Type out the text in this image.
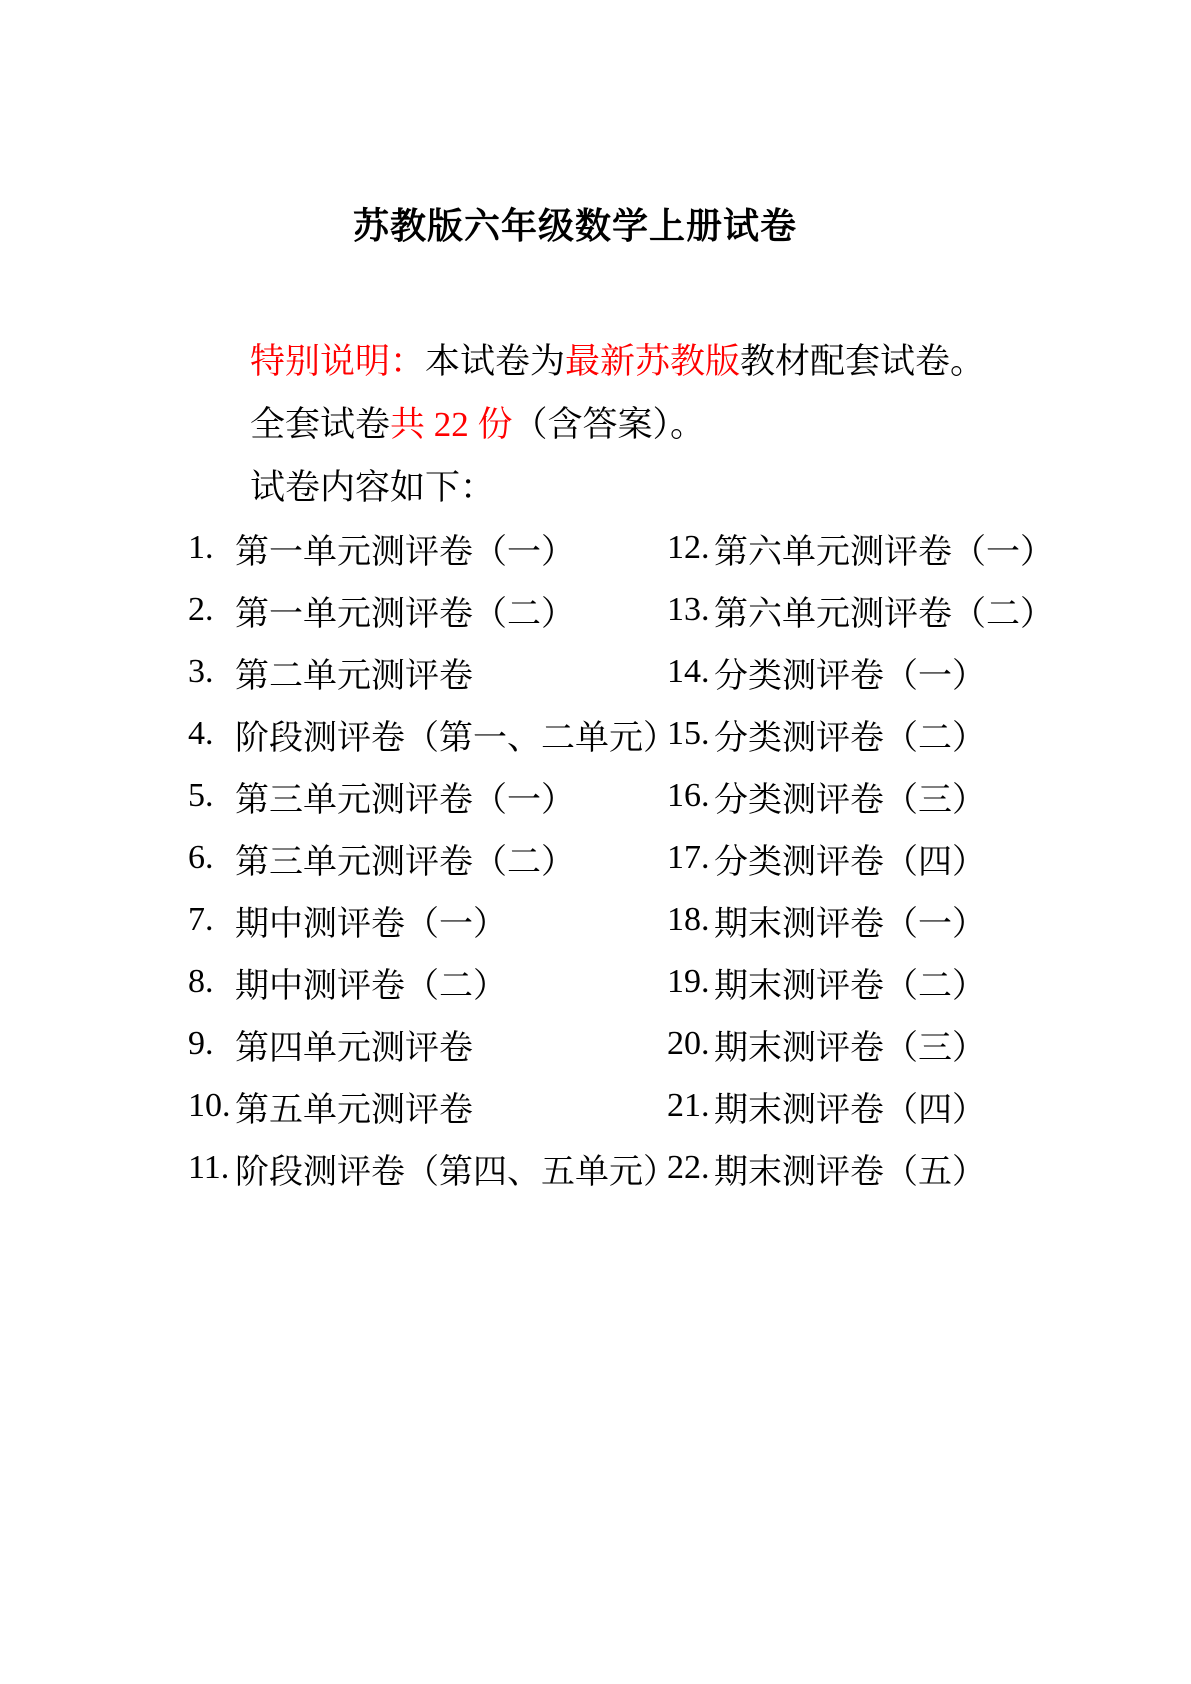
苏教版六年级数学上册试卷

特别说明：本试卷为最新苏教版教材配套试卷。

全套试卷共 22 份（含答案）。

试卷内容如下：

1. 第一单元测评卷（一）
2. 第一单元测评卷（二）
3. 第二单元测评卷
4. 阶段测评卷（第一、二单元）
5. 第三单元测评卷（一）
6. 第三单元测评卷（二）
7. 期中测评卷（一）
8. 期中测评卷（二）
9. 第四单元测评卷
10. 第五单元测评卷
11. 阶段测评卷（第四、五单元）
12. 第六单元测评卷（一）
13. 第六单元测评卷（二）
14. 分类测评卷（一）
15. 分类测评卷（二）
16. 分类测评卷（三）
17. 分类测评卷（四）
18. 期末测评卷（一）
19. 期末测评卷（二）
20. 期末测评卷（三）
21. 期末测评卷（四）
22. 期末测评卷（五）
